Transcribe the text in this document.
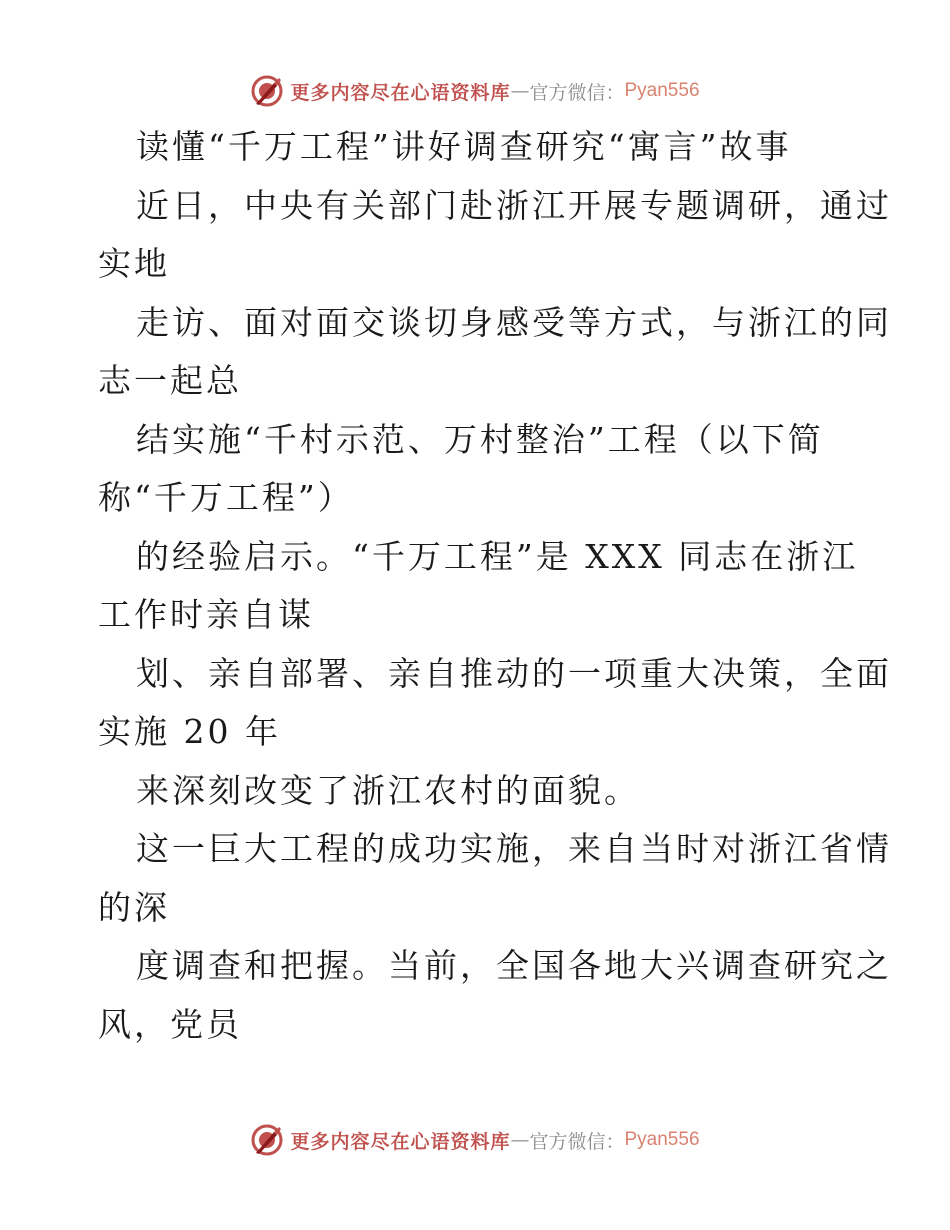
更多内容尽在心语资料库 — 官方微信： Pyan556
读懂“千万工程”讲好调查研究“寓言”故事
近日，中央有关部门赴浙江开展专题调研，通过
实地
走访、面对面交谈切身感受等方式，与浙江的同
志一起总
结实施“千村示范、万村整治”工程（以下简
称“千万工程”）
的经验启示。“千万工程”是 XXX 同志在浙江
工作时亲自谋
划、亲自部署、亲自推动的一项重大决策，全面
实施 20 年
来深刻改变了浙江农村的面貌。
这一巨大工程的成功实施，来自当时对浙江省情
的深
度调查和把握。当前，全国各地大兴调查研究之
风，党员
更多内容尽在心语资料库 — 官方微信： Pyan556
